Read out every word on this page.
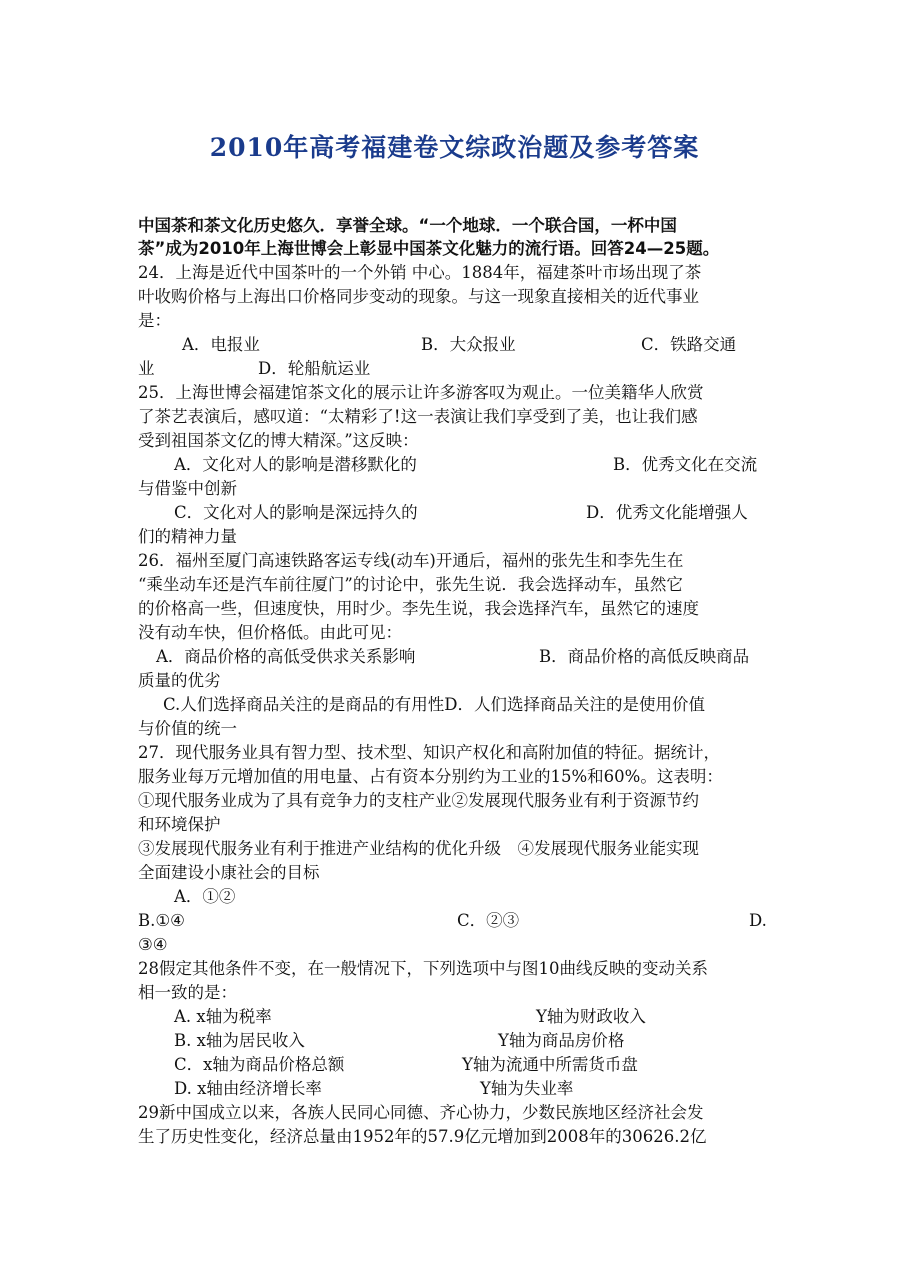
2010年高考福建卷文综政治题及参考答案
中国茶和茶文化历史悠久．享誉全球。“一个地球．一个联合国，一杯中国
茶”成为2010年上海世博会上彰显中国茶文化魅力的流行语。回答24—25题。
24．上海是近代中国茶叶的一个外销 中心。1884年，福建茶叶市场出现了茶
叶收购价格与上海出口价格同步变动的现象。与这一现象直接相关的近代事业
是：
A．电报业	B．大众报业	C．铁路交通
业	D．轮船航运业
25．上海世博会福建馆茶文化的展示让许多游客叹为观止。一位美籍华人欣赏
了茶艺表演后，感叹道：“太精彩了!这一表演让我们享受到了美，也让我们感
受到祖国茶文亿的博大精深。”这反映：
A．文化对人的影响是潜移默化的	B．优秀文化在交流
与借鉴中创新
C．文化对人的影响是深远持久的	D．优秀文化能增强人
们的精神力量
26．福州至厦门高速铁路客运专线(动车)开通后，福州的张先生和李先生在
“乘坐动车还是汽车前往厦门”的讨论中，张先生说．我会选择动车，虽然它
的价格高一些，但速度快，用时少。李先生说，我会选择汽车，虽然它的速度
没有动车快，但价格低。由此可见：
A．商品价格的高低受供求关系影响	B．商品价格的高低反映商品
质量的优劣
C.人们选择商品关注的是商品的有用性D．人们选择商品关注的是使用价值
与价值的统一
27．现代服务业具有智力型、技术型、知识产权化和高附加值的特征。据统计，
服务业每万元增加值的用电量、占有资本分别约为工业的15%和60%。这表明：
①现代服务业成为了具有竞争力的支柱产业②发展现代服务业有利于资源节约
和环境保护
③发展现代服务业有利于推进产业结构的优化升级　④发展现代服务业能实现
全面建设小康社会的目标
A．①②
B.①④	C．②③	D.
③④
28假定其他条件不变，在一般情况下，下列选项中与图10曲线反映的变动关系
相一致的是：
A. x轴为税率	Y轴为财政收入
B. x轴为居民收入	Y轴为商品房价格
C．x轴为商品价格总额	Y轴为流通中所需货币盘
D. x轴由经济增长率	Y轴为失业率
29新中国成立以来，各族人民同心同德、齐心协力，少数民族地区经济社会发
生了历史性变化，经济总量由1952年的57.9亿元增加到2008年的30626.2亿
